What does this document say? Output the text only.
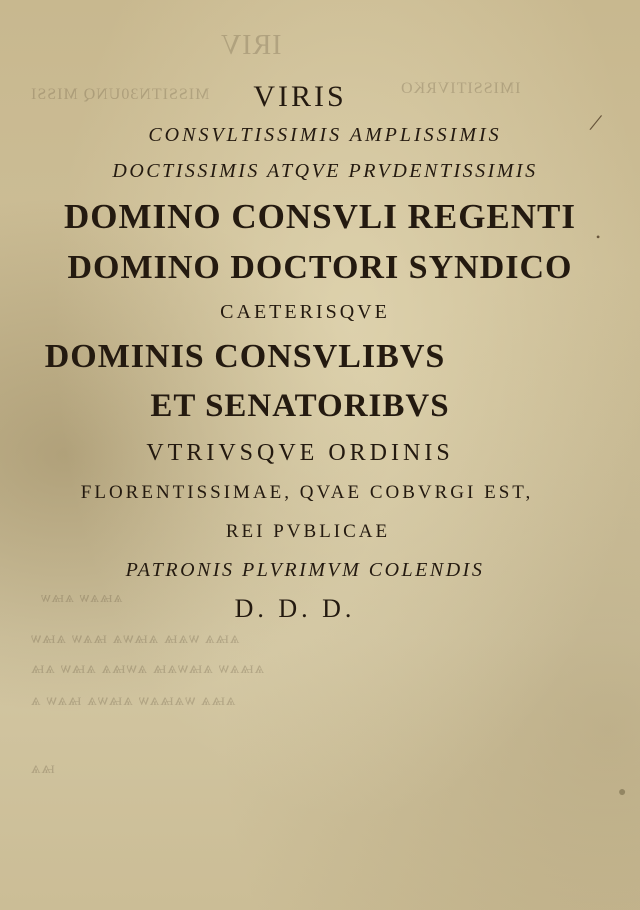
IRIV
MISSITN30UNQ MISSI	IMISSITIVRKO
ѧѩѧѡ ѧѩѡ
ѧѩѧ ѡѧѩ ѧѩѡѧ ѩѧѡ ѧѩѡ
ѧѩѧѡ ѧѩѡѧѩ ѧѡѩѧ ѧѩѡ ѧѩ
ѧѩѧ ѡѧѩѧѡ ѧѩѡѧ ѩѧѡ ѧ
ѩѧ
VIRIS
CONSVLTISSIMIS AMPLISSIMIS
DOCTISSIMIS ATQVE PRVDENTISSIMIS
DOMINO CONSVLI REGENTI
DOMINO DOCTORI SYNDICO
CAETERISQVE
DOMINIS CONSVLIBVS
ET SENATORIBVS
VTRIVSQVE ORDINIS
FLORENTISSIMAE, QVAE COBVRGI EST,
REI PVBLICAE
PATRONIS PLVRIMVM COLENDIS
D. D. D.
/
•
●
